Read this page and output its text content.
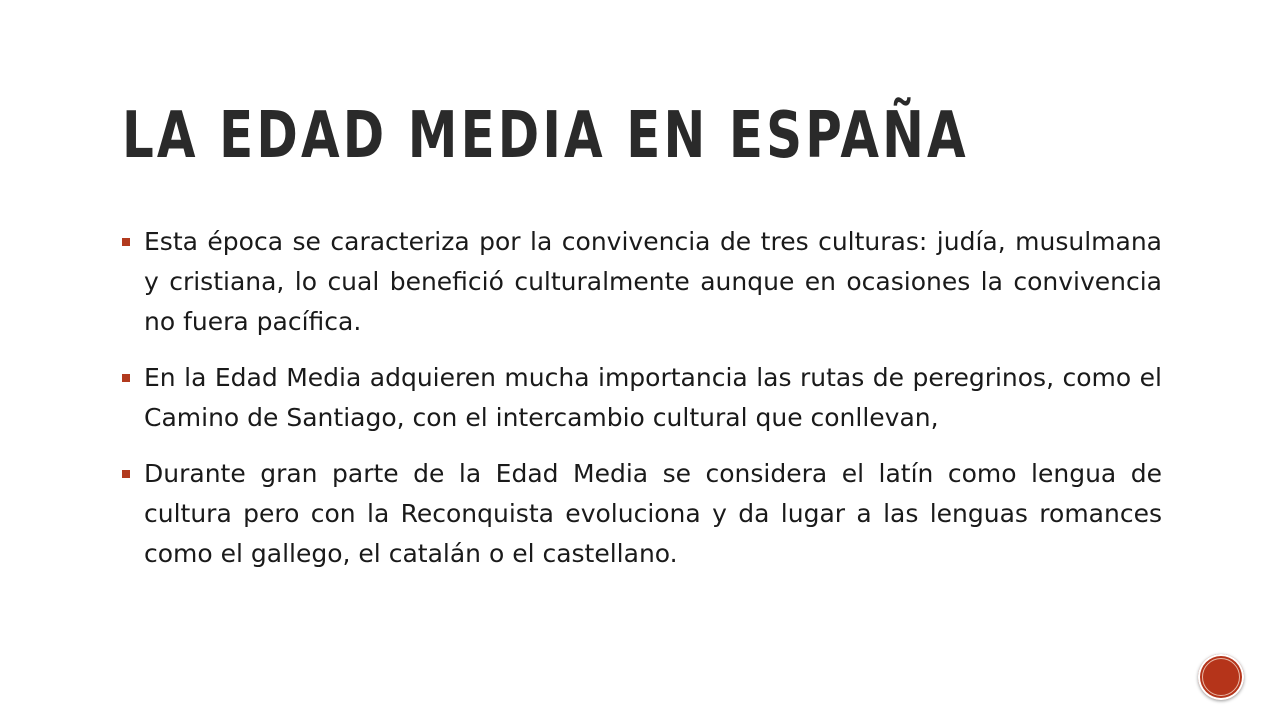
LA EDAD MEDIA EN ESPAÑA
Esta época se caracteriza por la convivencia de tres culturas: judía, musulmana y cristiana, lo cual benefició culturalmente aunque en ocasiones la convivencia no fuera pacífica.
En la Edad Media adquieren mucha importancia las rutas de peregrinos, como el Camino de Santiago, con el intercambio cultural que conllevan,
Durante gran parte de la Edad Media se considera el latín como lengua de cultura pero con la Reconquista evoluciona y da lugar a las lenguas romances como el gallego, el catalán o el castellano.
